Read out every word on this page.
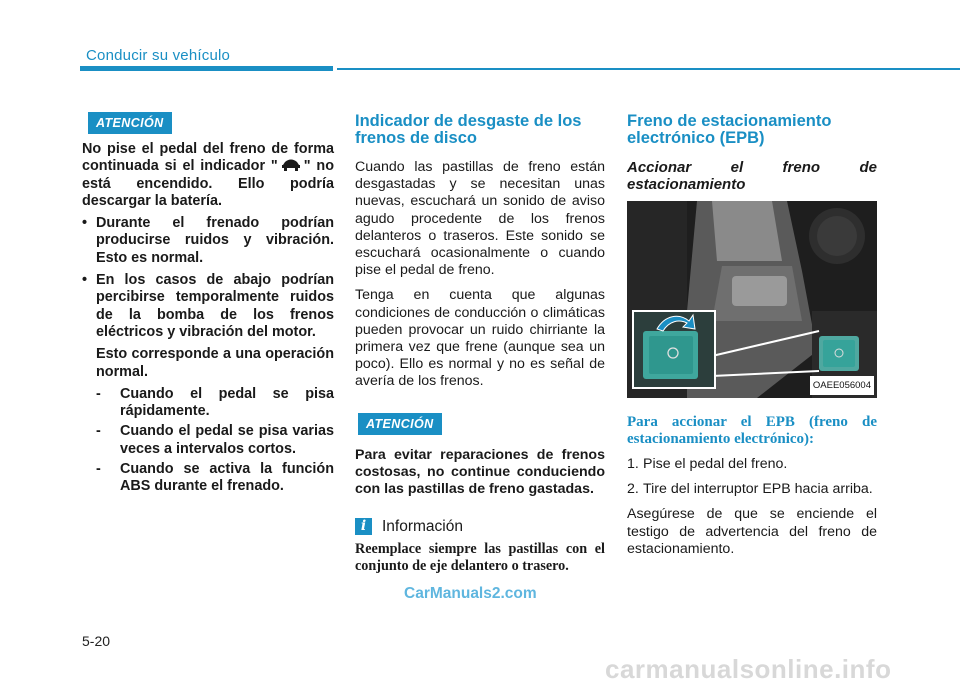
Conducir su vehículo
ATENCIÓN

No pise el pedal del freno de forma continuada si el indicador " " no está encendido. Ello podría descargar la batería.

• Durante el frenado podrían producirse ruidos y vibración. Esto es normal.

• En los casos de abajo podrían percibirse temporalmente ruidos de la bomba de los frenos eléctricos y vibración del motor.

Esto corresponde a una operación normal.

- Cuando el pedal se pisa rápidamente.

- Cuando el pedal se pisa varias veces a intervalos cortos.

- Cuando se activa la función ABS durante el frenado.

Indicador de desgaste de los frenos de disco

Cuando las pastillas de freno están desgastadas y se necesitan unas nuevas, escuchará un sonido de aviso agudo procedente de los frenos delanteros o traseros. Este sonido se escuchará ocasionalmente o cuando pise el pedal de freno.

Tenga en cuenta que algunas condiciones de conducción o climáticas pueden provocar un ruido chirriante la primera vez que frene (aunque sea un poco). Ello es normal y no es señal de avería de los frenos.

ATENCIÓN

Para evitar reparaciones de frenos costosas, no continue conduciendo con las pastillas de freno gastadas.

i	Información

Reemplace siempre las pastillas con el conjunto de eje delantero o trasero.

Freno de estacionamiento electrónico (EPB)

Accionar el freno de estacionamiento

OAEE056004

Para accionar el EPB (freno de estacionamiento electrónico):

1. Pise el pedal del freno.

2. Tire del interruptor EPB hacia arriba.

Asegúrese de que se enciende el testigo de advertencia del freno de estacionamiento.

5-20
CarManuals2.com
carmanualsonline.info
